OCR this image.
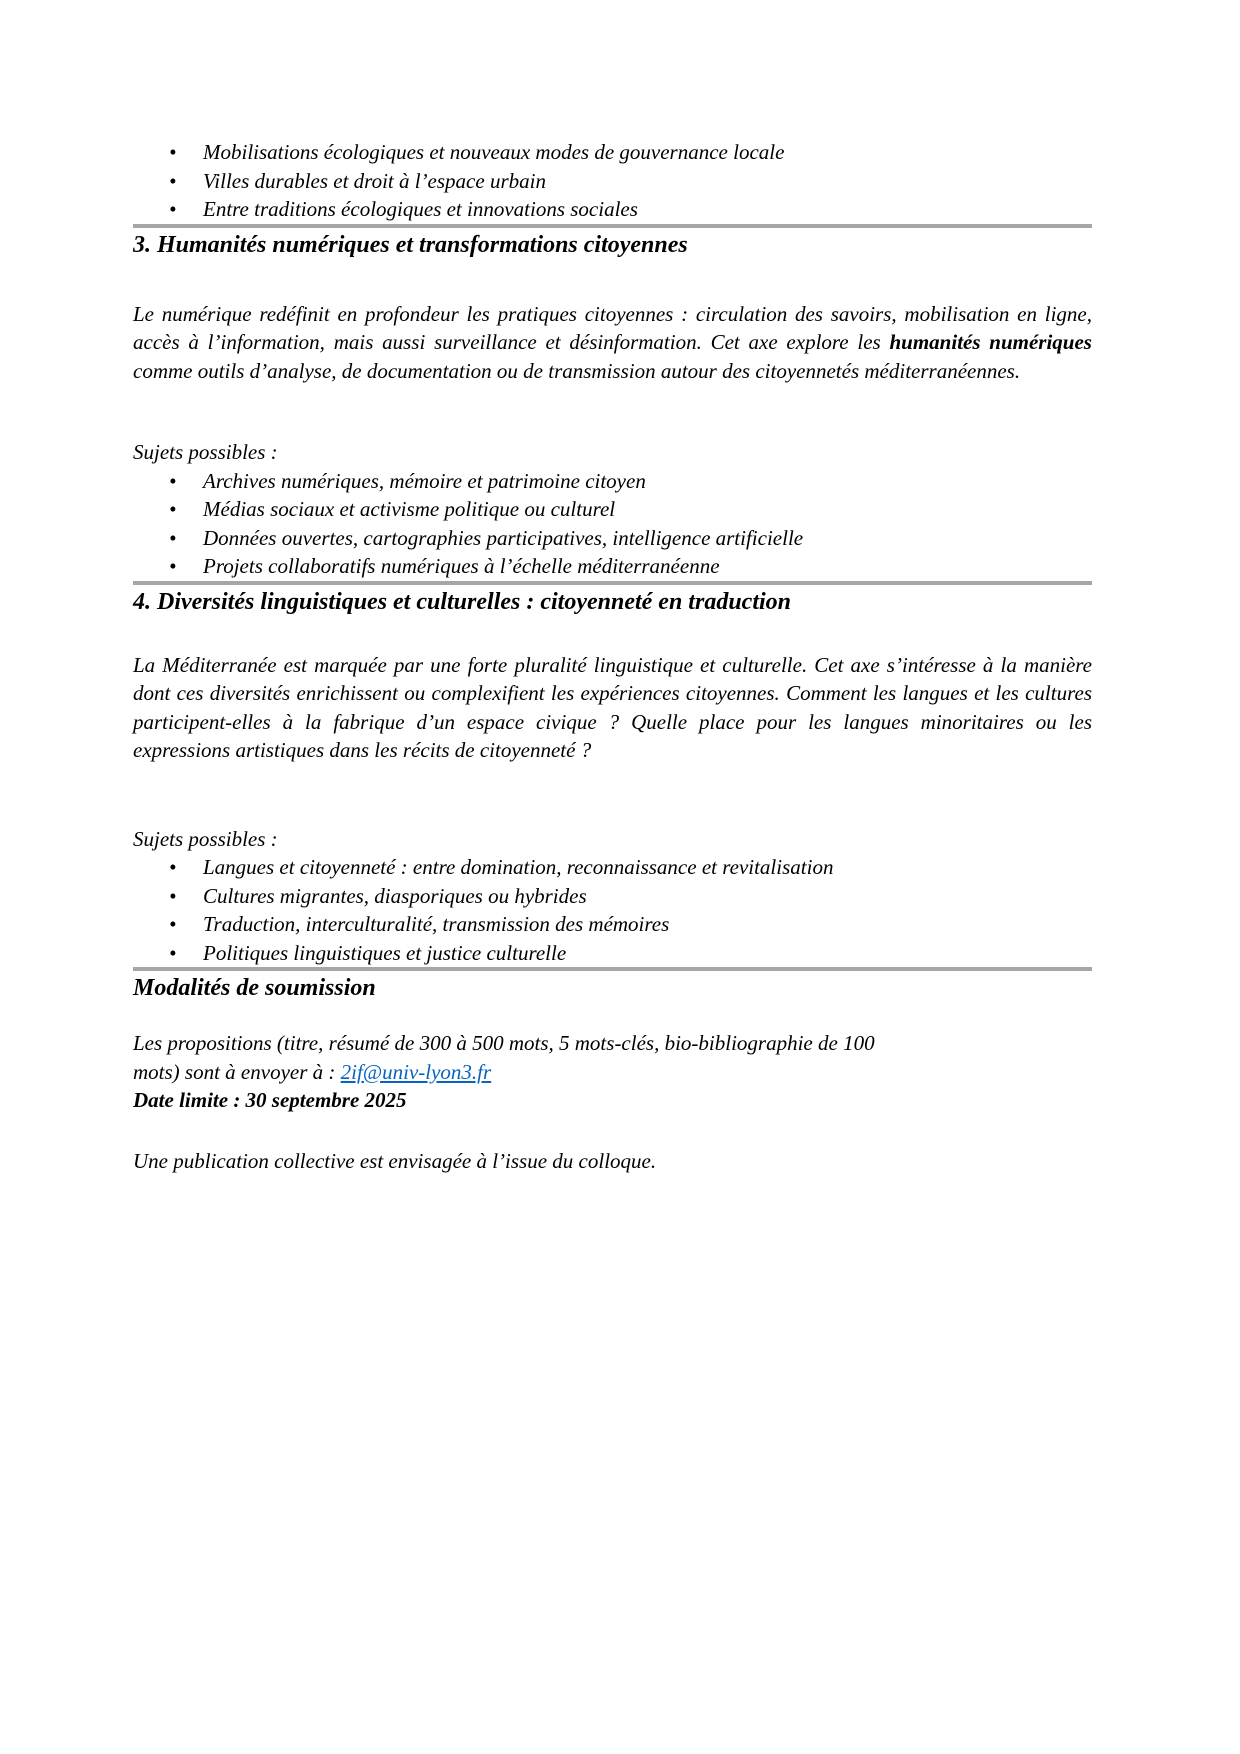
•	Mobilisations écologiques et nouveaux modes de gouvernance locale
•	Villes durables et droit à l’espace urbain
•	Entre traditions écologiques et innovations sociales
3. Humanités numériques et transformations citoyennes

Le numérique redéfinit en profondeur les pratiques citoyennes : circulation des savoirs, mobilisation en ligne, accès à l’information, mais aussi surveillance et désinformation. Cet axe explore les humanités numériques comme outils d’analyse, de documentation ou de transmission autour des citoyennetés méditerranéennes.

Sujets possibles :

•	Archives numériques, mémoire et patrimoine citoyen
•	Médias sociaux et activisme politique ou culturel
•	Données ouvertes, cartographies participatives, intelligence artificielle
•	Projets collaboratifs numériques à l’échelle méditerranéenne
4. Diversités linguistiques et culturelles : citoyenneté en traduction

La Méditerranée est marquée par une forte pluralité linguistique et culturelle. Cet axe s’intéresse à la manière dont ces diversités enrichissent ou complexifient les expériences citoyennes. Comment les langues et les cultures participent-elles à la fabrique d’un espace civique ? Quelle place pour les langues minoritaires ou les expressions artistiques dans les récits de citoyenneté ?

Sujets possibles :

•	Langues et citoyenneté : entre domination, reconnaissance et revitalisation
•	Cultures migrantes, diasporiques ou hybrides
•	Traduction, interculturalité, transmission des mémoires
•	Politiques linguistiques et justice culturelle
Modalités de soumission

Les propositions (titre, résumé de 300 à 500 mots, 5 mots-clés, bio-bibliographie de 100
mots) sont à envoyer à : 2if@univ-lyon3.fr
Date limite : 30 septembre 2025

Une publication collective est envisagée à l’issue du colloque.
